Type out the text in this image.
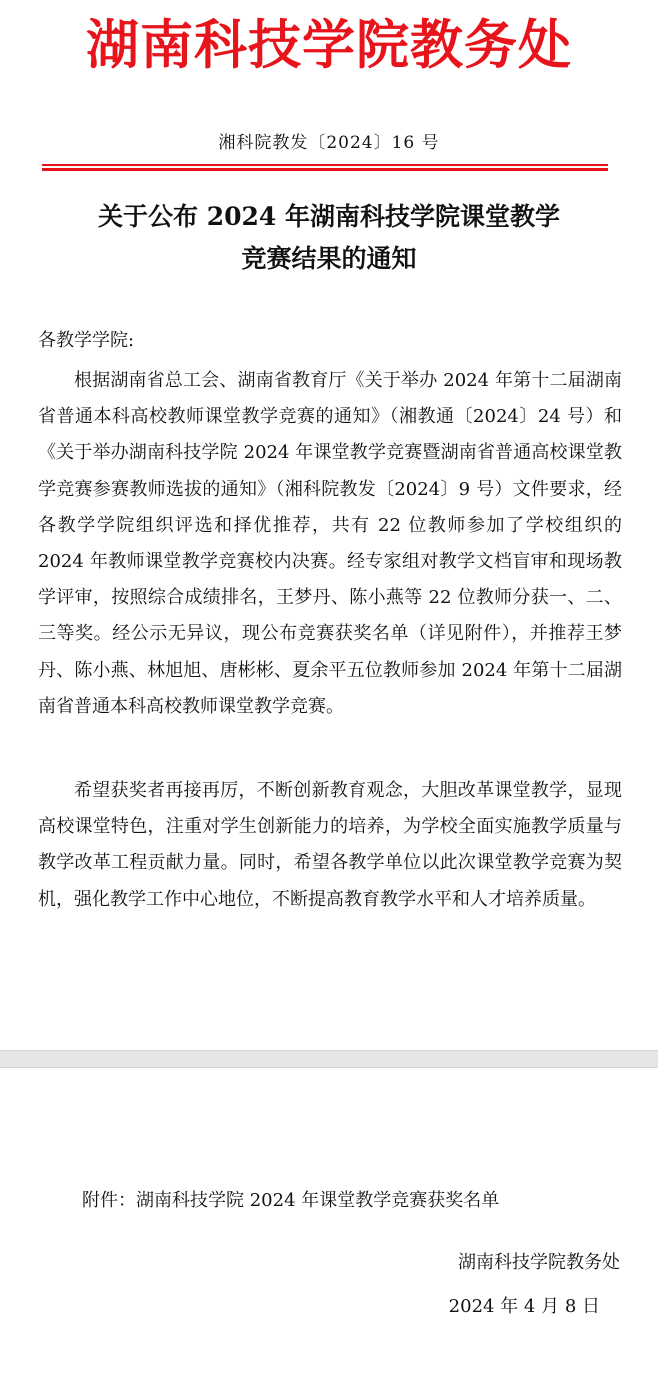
湖南科技学院教务处
湘科院教发〔2024〕16 号
关于公布 2024 年湖南科技学院课堂教学
竞赛结果的通知
各教学学院:

根据湖南省总工会、湖南省教育厅《关于举办 2024 年第十二届湖南省普通本科高校教师课堂教学竞赛的通知》（湘教通〔2024〕24 号）和《关于举办湖南科技学院 2024 年课堂教学竞赛暨湖南省普通高校课堂教学竞赛参赛教师选拔的通知》（湘科院教发〔2024〕9 号）文件要求，经各教学学院组织评选和择优推荐，共有 22 位教师参加了学校组织的 2024 年教师课堂教学竞赛校内决赛。经专家组对教学文档盲审和现场教学评审，按照综合成绩排名，王梦丹、陈小燕等 22 位教师分获一、二、三等奖。经公示无异议，现公布竞赛获奖名单（详见附件），并推荐王梦丹、陈小燕、林旭旭、唐彬彬、夏余平五位教师参加 2024 年第十二届湖南省普通本科高校教师课堂教学竞赛。

希望获奖者再接再厉，不断创新教育观念，大胆改革课堂教学，显现高校课堂特色，注重对学生创新能力的培养，为学校全面实施教学质量与教学改革工程贡献力量。同时，希望各教学单位以此次课堂教学竞赛为契机，强化教学工作中心地位，不断提高教育教学水平和人才培养质量。

附件：湖南科技学院 2024 年课堂教学竞赛获奖名单
湖南科技学院教务处
2024 年 4 月 8 日
